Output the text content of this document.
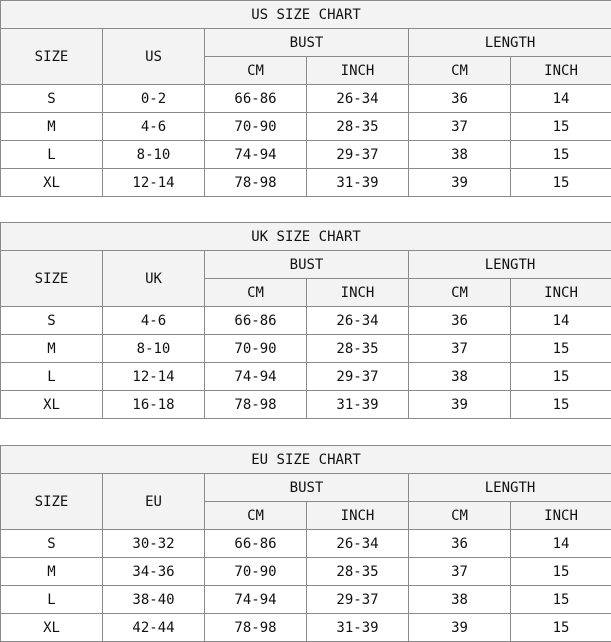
US SIZE CHART					
SIZE	US	BUST		LENGTH	
		CM	INCH	CM	INCH
S	0-2	66-86	26-34	36	14
M	4-6	70-90	28-35	37	15
L	8-10	74-94	29-37	38	15
XL	12-14	78-98	31-39	39	15
UK SIZE CHART					
SIZE	UK	BUST		LENGTH	
		CM	INCH	CM	INCH
S	4-6	66-86	26-34	36	14
M	8-10	70-90	28-35	37	15
L	12-14	74-94	29-37	38	15
XL	16-18	78-98	31-39	39	15
EU SIZE CHART					
SIZE	EU	BUST		LENGTH	
		CM	INCH	CM	INCH
S	30-32	66-86	26-34	36	14
M	34-36	70-90	28-35	37	15
L	38-40	74-94	29-37	38	15
XL	42-44	78-98	31-39	39	15
